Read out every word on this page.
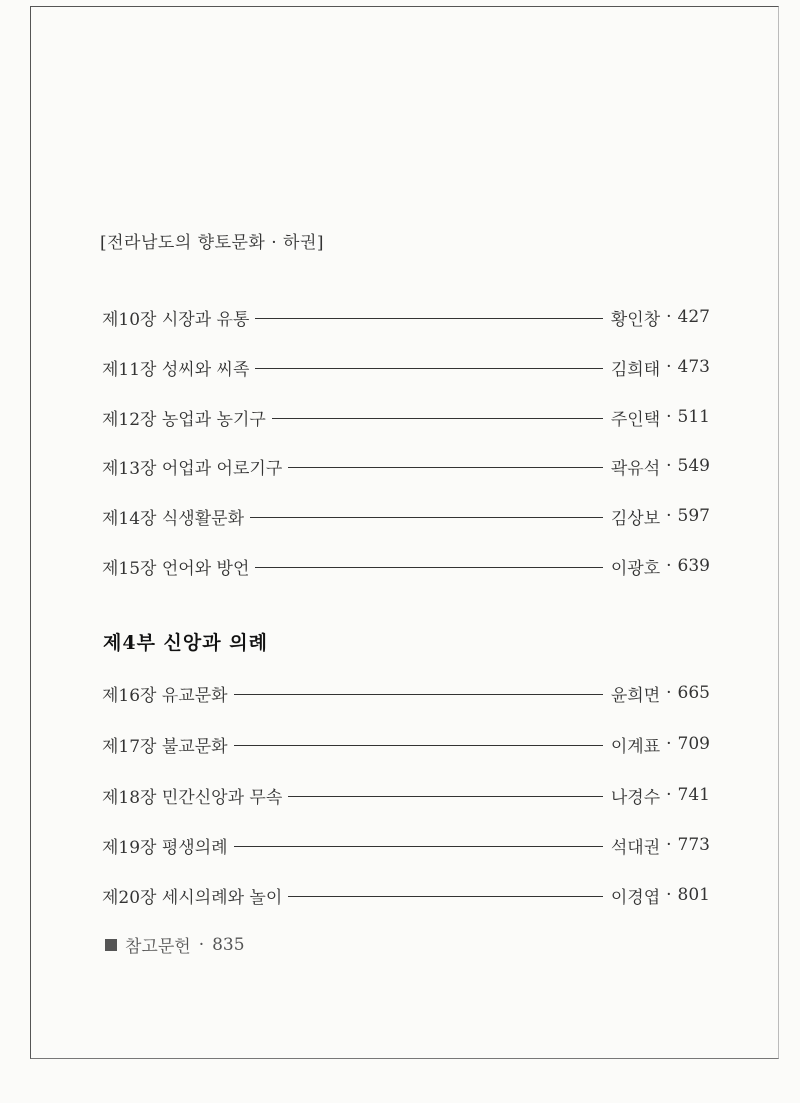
[전라남도의 향토문화 · 하권]
제10장 시장과 유통	황인창 · 427
제11장 성씨와 씨족	김희태 · 473
제12장 농업과 농기구	주인택 · 511
제13장 어업과 어로기구	곽유석 · 549
제14장 식생활문화	김상보 · 597
제15장 언어와 방언	이광호 · 639
제4부 신앙과 의례
제16장 유교문화	윤희면 · 665
제17장 불교문화	이계표 · 709
제18장 민간신앙과 무속	나경수 · 741
제19장 평생의례	석대권 · 773
제20장 세시의례와 놀이	이경엽 · 801
참고문헌 · 835
